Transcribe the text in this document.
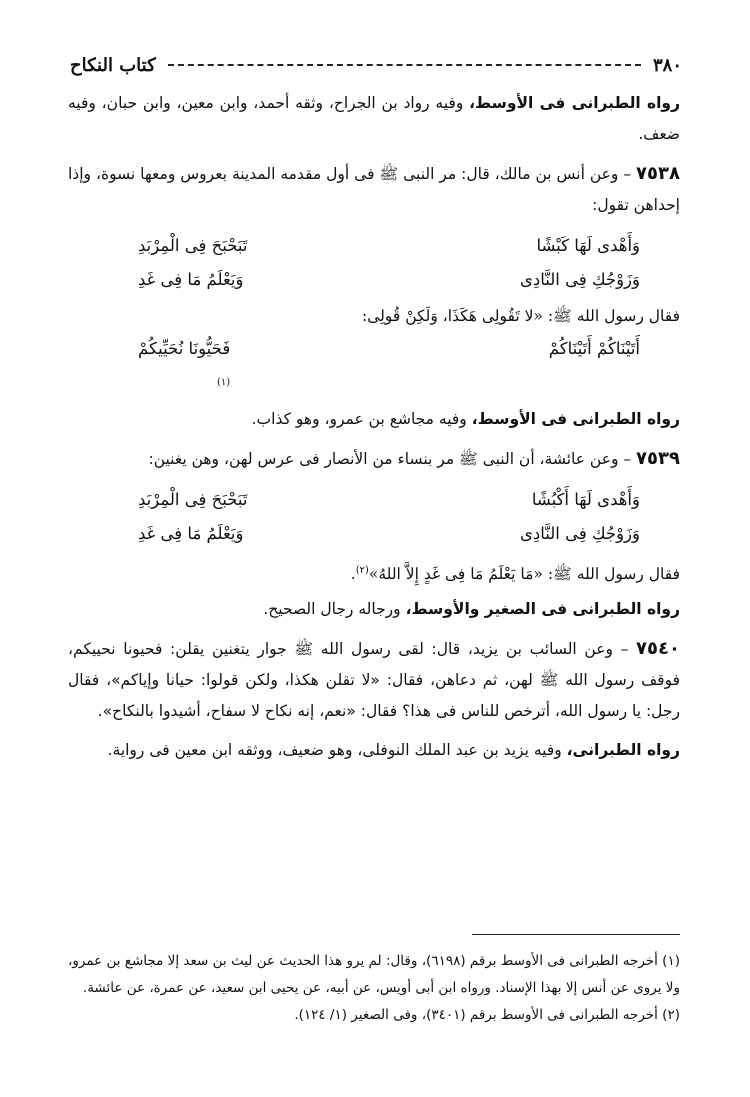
٣٨٠
كتاب النكاح

رواه الطبرانى فى الأوسط، وفيه رواد بن الجراح، وثقه أحمد، وابن معين، وابن حبان، وفيه ضعف.

٧٥٣٨ – وعن أنس بن مالك، قال: مر النبى ﷺ فى أول مقدمه المدينة بعروس ومعها نسوة، وإذا إحداهن تقول:

وَأَهْدى لَهَا كَبْشًا
تَبَحْبَحَ فِى الْمِرْبَدِ
وَزَوْجُكِ فِى النَّادِى
وَيَعْلَمُ مَا فِى غَدِ

فقال رسول الله ﷺ: «لا تَقُولِى هَكَذَا، وَلَكِنْ قُولِى:

أَتَيْنَاكُمْ أَتَيْنَاكُمْ
فَحَيُّونَا نُحَيِّيكُمْ
$^{(١)}$

رواه الطبرانى فى الأوسط، وفيه مجاشع بن عمرو، وهو كذاب.

٧٥٣٩ – وعن عائشة، أن النبى ﷺ مر بنساء من الأنصار فى عرس لهن، وهن يغنين:

وَأَهْدى لَهَا أَكْبُشًا
تَبَحْبَحَ فِى الْمِرْبَدِ
وَزَوْجُكِ فِى النَّادِى
وَيَعْلَمُ مَا فِى غَدِ

فقال رسول الله ﷺ: «مَا يَعْلَمُ مَا فِى غَدٍ إِلاَّ اللهُ»$^{(٢)}$.

رواه الطبرانى فى الصغير والأوسط، ورجاله رجال الصحيح.

٧٥٤٠ – وعن السائب بن يزيد، قال: لقى رسول الله ﷺ جوار يتغنين يقلن: فحيونا نحييكم، فوقف رسول الله ﷺ لهن، ثم دعاهن، فقال: «لا تقلن هكذا، ولكن قولوا: حيانا وإياكم»، فقال رجل: يا رسول الله، أترخص للناس فى هذا؟ فقال: «نعم، إنه نكاح لا سفاح، أشيدوا بالنكاح».

رواه الطبرانى، وفيه يزيد بن عبد الملك النوفلى، وهو ضعيف، ووثقه ابن معين فى رواية.

(١) أخرجه الطبرانى فى الأوسط برقم (٦١٩٨)، وقال: لم يرو هذا الحديث عن ليث بن سعد إلا مجاشع بن عمرو، ولا يروى عن أنس إلا بهذا الإسناد. ورواه ابن أبى أويس، عن أبيه، عن يحيى ابن سعيد، عن عمرة، عن عائشة.

(٢) أخرجه الطبرانى فى الأوسط برقم (٣٤٠١)، وفى الصغير (١/ ١٢٤).
